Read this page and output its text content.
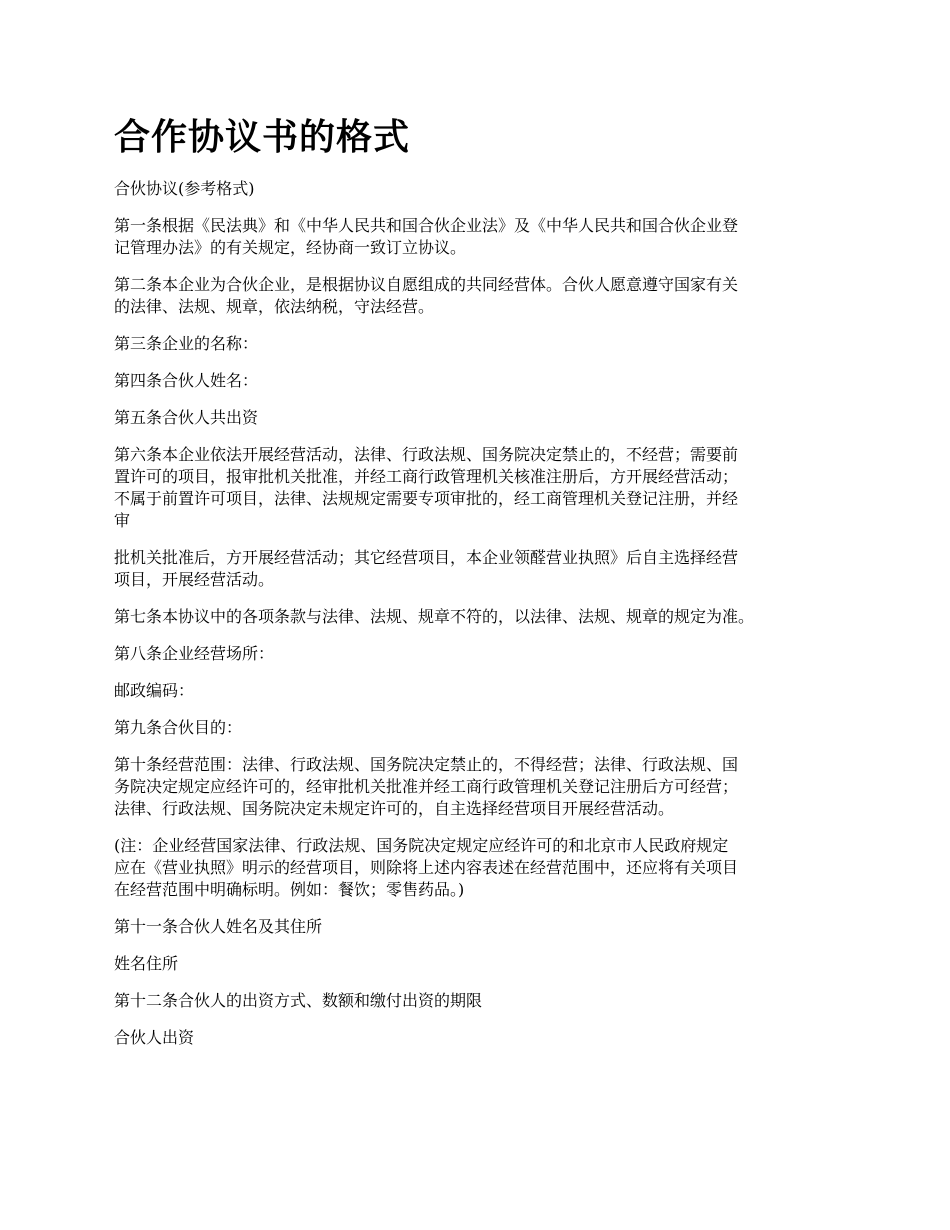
合作协议书的格式

合伙协议(参考格式)

第一条根据《民法典》和《中华人民共和国合伙企业法》及《中华人民共和国合伙企业登
记管理办法》的有关规定，经协商一致订立协议。

第二条本企业为合伙企业，是根据协议自愿组成的共同经营体。合伙人愿意遵守国家有关
的法律、法规、规章，依法纳税，守法经营。

第三条企业的名称：

第四条合伙人姓名：

第五条合伙人共出资

第六条本企业依法开展经营活动，法律、行政法规、国务院决定禁止的，不经营；需要前
置许可的项目，报审批机关批准，并经工商行政管理机关核准注册后，方开展经营活动；
不属于前置许可项目，法律、法规规定需要专项审批的，经工商管理机关登记注册，并经
审

批机关批准后，方开展经营活动；其它经营项目，本企业领醛营业执照》后自主选择经营
项目，开展经营活动。

第七条本协议中的各项条款与法律、法规、规章不符的，以法律、法规、规章的规定为准。

第八条企业经营场所：

邮政编码：

第九条合伙目的：

第十条经营范围：法律、行政法规、国务院决定禁止的，不得经营；法律、行政法规、国
务院决定规定应经许可的，经审批机关批准并经工商行政管理机关登记注册后方可经营；
法律、行政法规、国务院决定未规定许可的，自主选择经营项目开展经营活动。

(注：企业经营国家法律、行政法规、国务院决定规定应经许可的和北京市人民政府规定
应在《营业执照》明示的经营项目，则除将上述内容表述在经营范围中，还应将有关项目
在经营范围中明确标明。例如：餐饮；零售药品。)

第十一条合伙人姓名及其住所

姓名住所

第十二条合伙人的出资方式、数额和缴付出资的期限

合伙人出资
